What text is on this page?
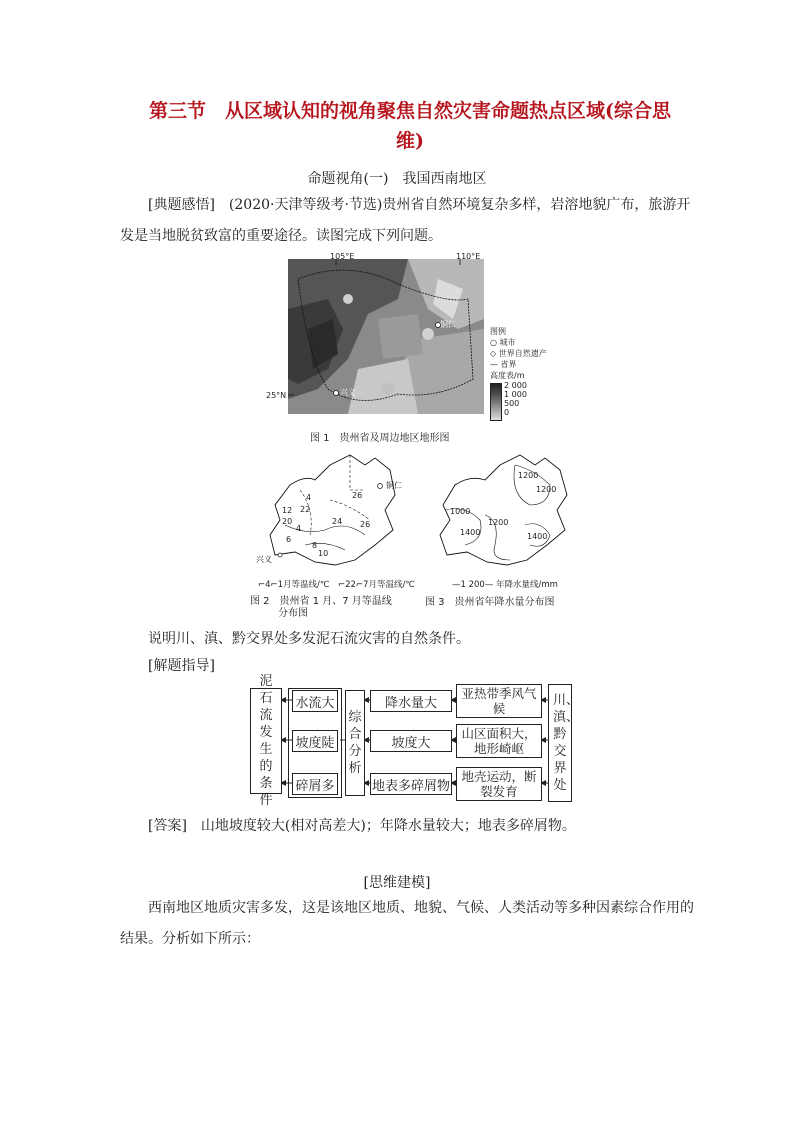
第三节　从区域认知的视角聚焦自然灾害命题热点区域(综合思
维)
命题视角(一)　我国西南地区
[典题感悟]　(2020·天津等级考·节选)贵州省自然环境复杂多样，岩溶地貌广布，旅游开发是当地脱贫致富的重要途径。读图完成下列问题。
105°E	110°E
25°N
铜仁
兴义
图例
○ 城市
◇ 世界自然遗产
— 省界
高度表/m
2 000
1 000
500
0
图 1　贵州省及周边地区地形图
铜仁
兴义
4
12
20
4
6
8
10
22
24
26
26
⌐4⌐1月等温线/℃　⌐22⌐7月等温线/℃
图 2　贵州省 1 月、7 月等温线
分布图
1200
1200
1000
1200
1400	1400
—1 200— 年降水量线/mm
图 3　贵州省年降水量分布图
说明川、滇、黔交界处多发泥石流灾害的自然条件。
[解题指导]
泥石流发生的条件
水流大
坡度陡
碎屑多
综合分析
降水量大
坡度大
地表多碎屑物
亚热带季风气候
山区面积大，地形崎岖
地壳运动，断裂发育
川、滇、黔交界处
[答案]　山地坡度较大(相对高差大)；年降水量较大；地表多碎屑物。
[思维建模]
西南地区地质灾害多发，这是该地区地质、地貌、气候、人类活动等多种因素综合作用的结果。分析如下所示：
